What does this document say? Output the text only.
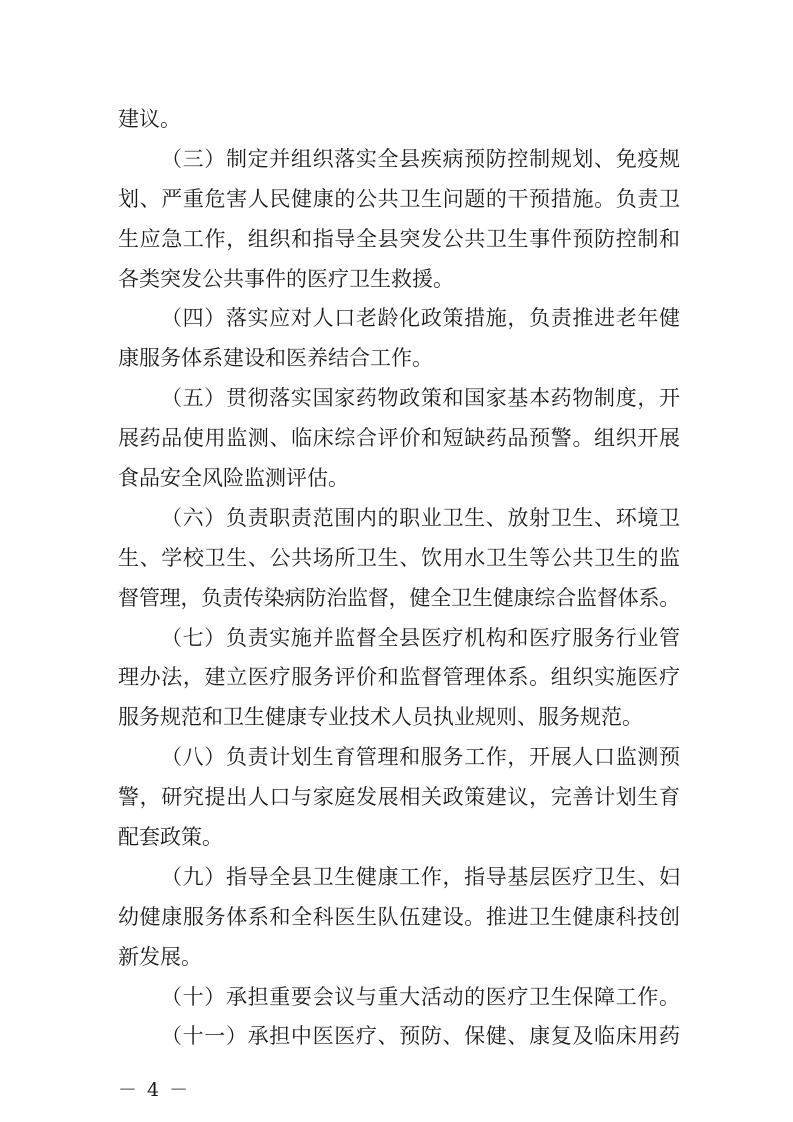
建议。
（三）制定并组织落实全县疾病预防控制规划、免疫规
划、严重危害人民健康的公共卫生问题的干预措施。负责卫
生应急工作，组织和指导全县突发公共卫生事件预防控制和
各类突发公共事件的医疗卫生救援。
（四）落实应对人口老龄化政策措施，负责推进老年健
康服务体系建设和医养结合工作。
（五）贯彻落实国家药物政策和国家基本药物制度，开
展药品使用监测、临床综合评价和短缺药品预警。组织开展
食品安全风险监测评估。
（六）负责职责范围内的职业卫生、放射卫生、环境卫
生、学校卫生、公共场所卫生、饮用水卫生等公共卫生的监
督管理，负责传染病防治监督，健全卫生健康综合监督体系。
（七）负责实施并监督全县医疗机构和医疗服务行业管
理办法，建立医疗服务评价和监督管理体系。组织实施医疗
服务规范和卫生健康专业技术人员执业规则、服务规范。
（八）负责计划生育管理和服务工作，开展人口监测预
警，研究提出人口与家庭发展相关政策建议，完善计划生育
配套政策。
（九）指导全县卫生健康工作，指导基层医疗卫生、妇
幼健康服务体系和全科医生队伍建设。推进卫生健康科技创
新发展。
（十）承担重要会议与重大活动的医疗卫生保障工作。
（十一）承担中医医疗、预防、保健、康复及临床用药
－ 4 －
